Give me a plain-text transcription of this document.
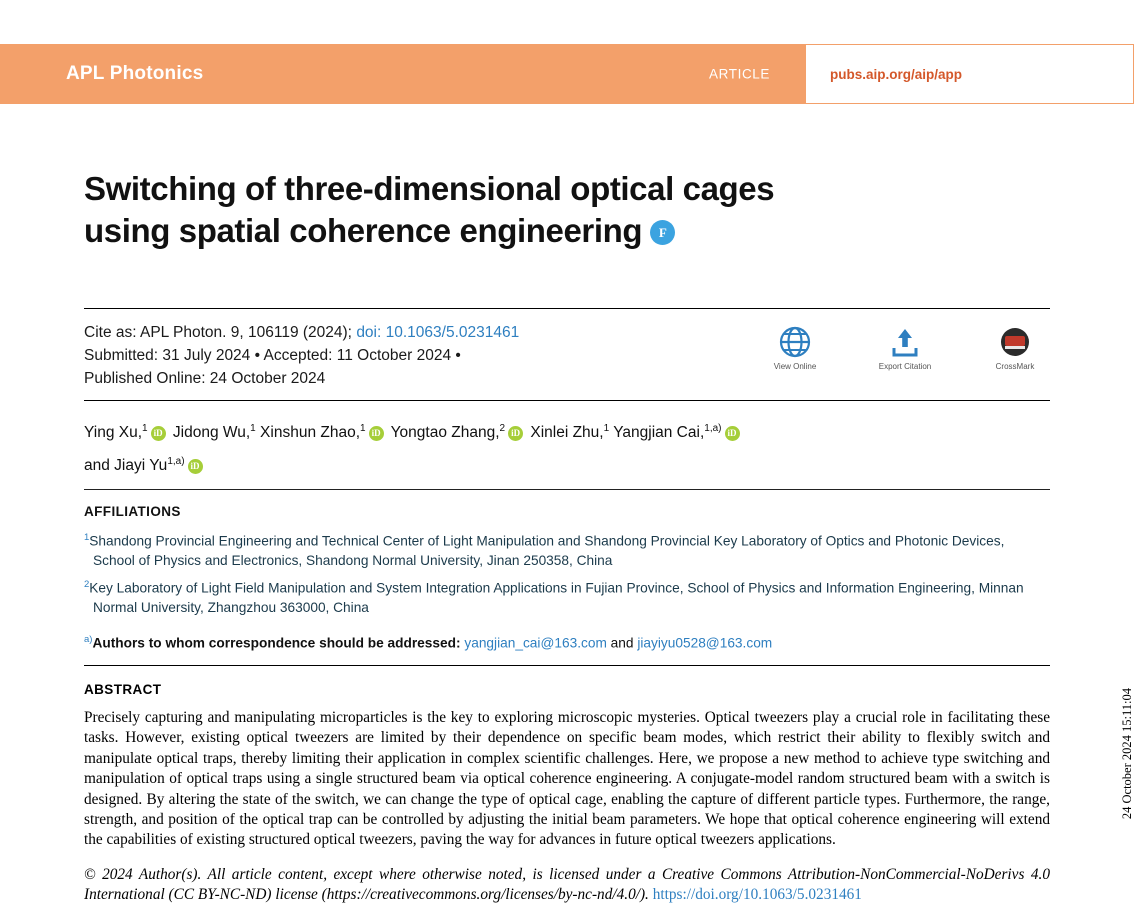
APL Photonics	ARTICLE	pubs.aip.org/aip/app
Switching of three-dimensional optical cages
using spatial coherence engineering F
Cite as: APL Photon. 9, 106119 (2024); doi: 10.1063/5.0231461
Submitted: 31 July 2024 • Accepted: 11 October 2024 •
Published Online: 24 October 2024
View Online	Export Citation	CrossMark
Ying Xu,$^1$ iD Jidong Wu,$^1$ Xinshun Zhao,$^1$ iD Yongtao Zhang,$^2$ iD Xinlei Zhu,$^1$ Yangjian Cai,$^{1,a)}$ iD
and Jiayi Yu$^{1,a)}$ iD
AFFILIATIONS
$^1$Shandong Provincial Engineering and Technical Center of Light Manipulation and Shandong Provincial Key Laboratory of Optics and Photonic Devices, School of Physics and Electronics, Shandong Normal University, Jinan 250358, China
$^2$Key Laboratory of Light Field Manipulation and System Integration Applications in Fujian Province, School of Physics and Information Engineering, Minnan Normal University, Zhangzhou 363000, China
$^{a)}$Authors to whom correspondence should be addressed: yangjian_cai@163.com and jiayiyu0528@163.com
ABSTRACT
Precisely capturing and manipulating microparticles is the key to exploring microscopic mysteries. Optical tweezers play a crucial role in facilitating these tasks. However, existing optical tweezers are limited by their dependence on specific beam modes, which restrict their ability to flexibly switch and manipulate optical traps, thereby limiting their application in complex scientific challenges. Here, we propose a new method to achieve type switching and manipulation of optical traps using a single structured beam via optical coherence engineering. A conjugate-model random structured beam with a switch is designed. By altering the state of the switch, we can change the type of optical cage, enabling the capture of different particle types. Furthermore, the range, strength, and position of the optical trap can be controlled by adjusting the initial beam parameters. We hope that optical coherence engineering will extend the capabilities of existing structured optical tweezers, paving the way for advances in future optical tweezers applications.
© 2024 Author(s). All article content, except where otherwise noted, is licensed under a Creative Commons Attribution-NonCommercial-NoDerivs 4.0 International (CC BY-NC-ND) license (https://creativecommons.org/licenses/by-nc-nd/4.0/). https://doi.org/10.1063/5.0231461
24 October 2024 15:11:04
